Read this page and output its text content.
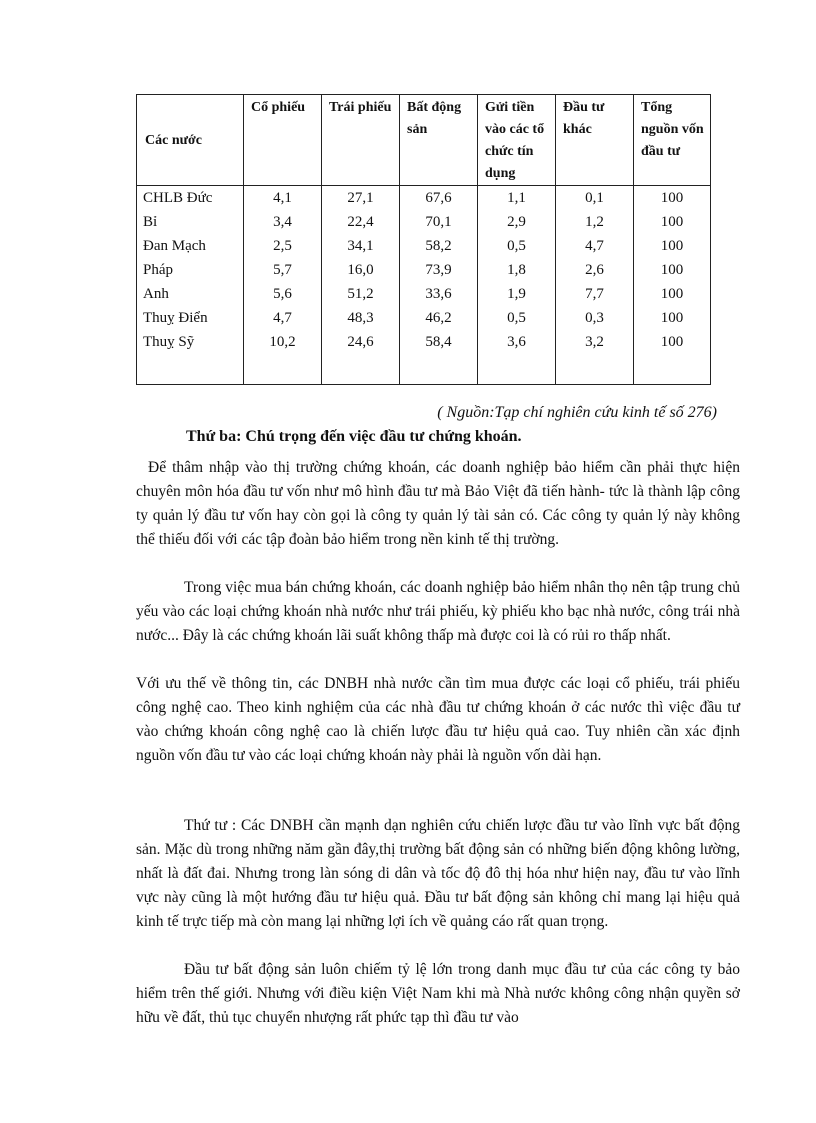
Các nước	Cổ phiếu	Trái phiếu	Bất động sản	Gửi tiền vào các tổ chức tín dụng	Đầu tư khác	Tổng nguồn vốn đầu tư
CHLB Đức	4,1	27,1	67,6	1,1	0,1	100
Bỉ	3,4	22,4	70,1	2,9	1,2	100
Đan Mạch	2,5	34,1	58,2	0,5	4,7	100
Pháp	5,7	16,0	73,9	1,8	2,6	100
Anh	5,6	51,2	33,6	1,9	7,7	100
Thuỵ Điển	4,7	48,3	46,2	0,5	0,3	100
Thuỵ Sỹ	10,2	24,6	58,4	3,6	3,2	100

( Nguồn:Tạp chí nghiên cứu kinh tế số 276)

Thứ ba: Chú trọng đến việc đầu tư chứng khoán.

Để thâm nhập vào thị trường chứng khoán, các doanh nghiệp bảo hiểm cần phải thực hiện chuyên môn hóa đầu tư vốn như mô hình đầu tư mà Bảo Việt đã tiến hành- tức là thành lập công ty quản lý đầu tư vốn hay còn gọi là công ty quản lý tài sản có. Các công ty quản lý này không thể thiếu đối với các tập đoàn bảo hiểm trong nền kinh tế thị trường.

Trong việc mua bán chứng khoán, các doanh nghiệp bảo hiểm nhân thọ nên tập trung chủ yếu vào các loại chứng khoán nhà nước như trái phiếu, kỳ phiếu kho bạc nhà nước, công trái nhà nước... Đây là các chứng khoán lãi suất không thấp mà được coi là có rủi ro thấp nhất.

Với ưu thế về thông tin, các DNBH nhà nước cần tìm mua được các loại cổ phiếu, trái phiếu công nghệ cao. Theo kinh nghiệm của các nhà đầu tư chứng khoán ở các nước thì việc đầu tư vào chứng khoán công nghệ cao là chiến lược đầu tư hiệu quả cao. Tuy nhiên cần xác định nguồn vốn đầu tư vào các loại chứng khoán này phải là nguồn vốn dài hạn.

Thứ tư : Các DNBH cần mạnh dạn nghiên cứu chiến lược đầu tư vào lĩnh vực bất động sản. Mặc dù trong những năm gần đây,thị trường bất động sản có những biến động không lường, nhất là đất đai. Nhưng trong làn sóng di dân và tốc độ đô thị hóa như hiện nay, đầu tư vào lĩnh vực này cũng là một hướng đầu tư hiệu quả. Đầu tư bất động sản không chỉ mang lại hiệu quả kinh tế trực tiếp mà còn mang lại những lợi ích về quảng cáo rất quan trọng.

Đầu tư bất động sản luôn chiếm tỷ lệ lớn trong danh mục đầu tư của các công ty bảo hiểm trên thế giới. Nhưng với điều kiện Việt Nam khi mà Nhà nước không công nhận quyền sở hữu về đất, thủ tục chuyển nhượng rất phức tạp thì đầu tư vào
